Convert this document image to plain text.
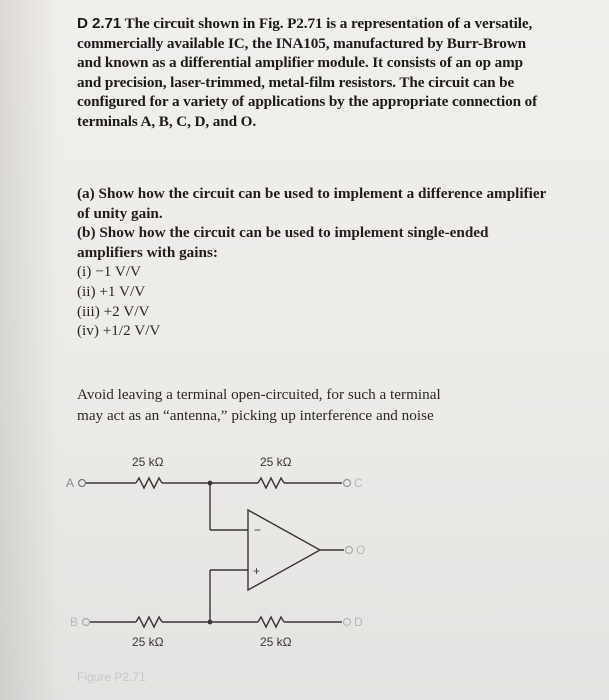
D 2.71 The circuit shown in Fig. P2.71 is a representation of a versatile, commercially available IC, the INA105, manufactured by Burr-Brown and known as a differential amplifier module. It consists of an op amp and precision, laser-trimmed, metal-film resistors. The circuit can be configured for a variety of applications by the appropriate connection of terminals A, B, C, D, and O.

(a) Show how the circuit can be used to implement a difference amplifier of unity gain.

(b) Show how the circuit can be used to implement single-ended amplifiers with gains:

(i) −1 V/V

(ii) +1 V/V

(iii) +2 V/V

(iv) +1/2 V/V

Avoid leaving a terminal open-circuited, for such a terminal
may act as an “antenna,” picking up interference and noise
−
+
A	C
O
B	D
25 kΩ	25 kΩ
25 kΩ	25 kΩ
Figure P2.71
